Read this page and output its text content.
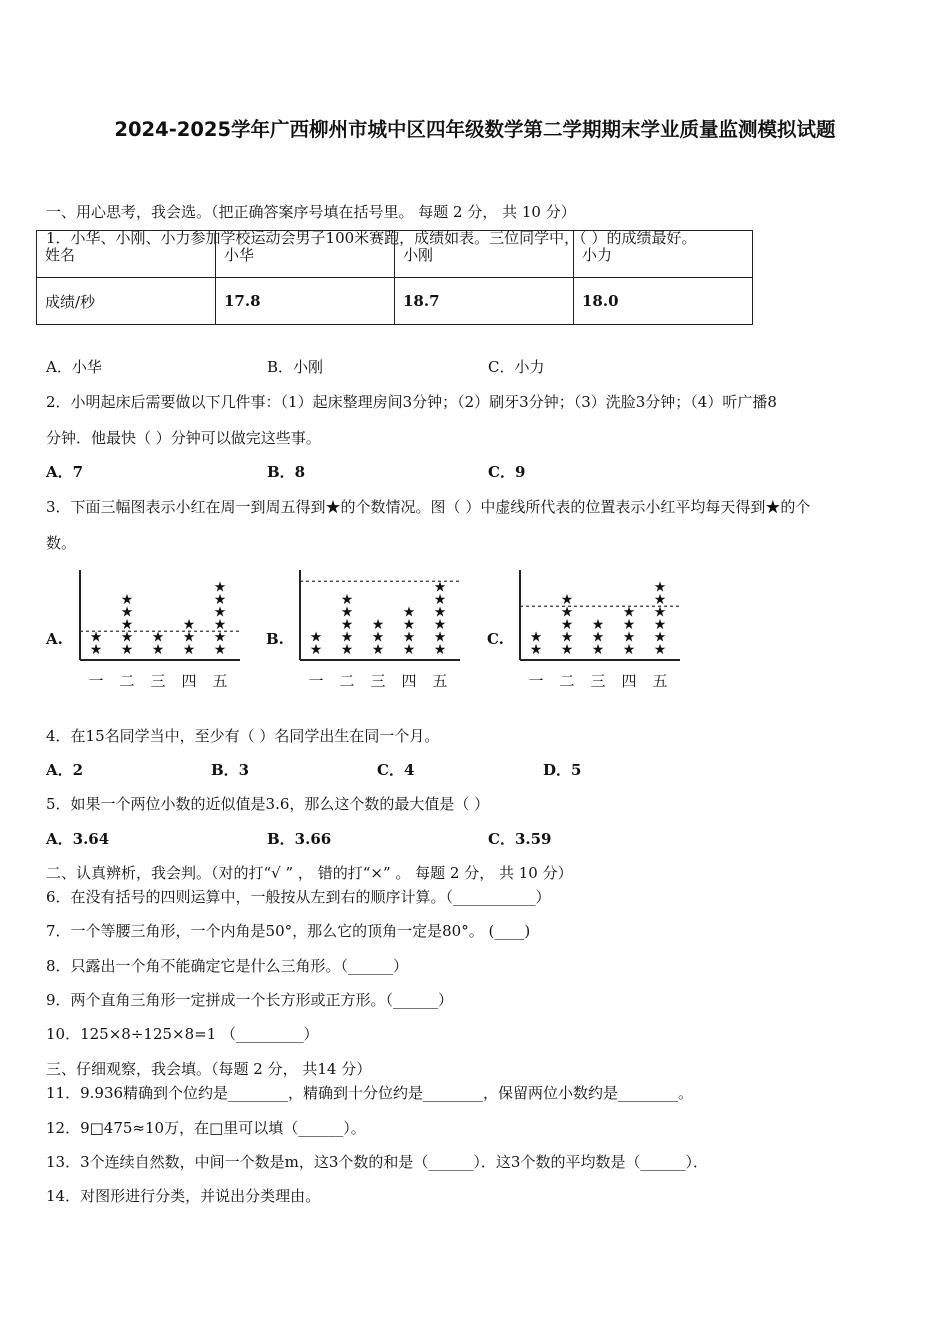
2024-2025学年广西柳州市城中区四年级数学第二学期期末学业质量监测模拟试题
一、用心思考，我会选。（把正确答案序号填在括号里。 每题 2 分， 共 10 分）
1．小华、小刚、小力参加学校运动会男子100米赛跑，成绩如表。三位同学中，（ ）的成绩最好。
姓名	小华	小刚	小力
成绩/秒	17.8	18.7	18.0
A．小华	B．小刚	C．小力
2．小明起床后需要做以下几件事：（1）起床整理房间3分钟；（2）刷牙3分钟；（3）洗脸3分钟；（4）听广播8
分钟．他最快（ ）分钟可以做完这些事。
A．7	B．8	C．9
3．下面三幅图表示小红在周一到周五得到★的个数情况。图（ ）中虚线所代表的位置表示小红平均每天得到★的个
数。
A.	B.	C.
★
★
一
★
★
★
★
★
二
★
★
三
★
★
★
四
★
★
★
★
★
★
五
★
★
一
★
★
★
★
★
二
★
★
★
三
★
★
★
★
四
★
★
★
★
★
★
五
★
★
一
★
★
★
★
★
二
★
★
★
三
★
★
★
★
四
★
★
★
★
★
★
五
4．在15名同学当中，至少有（ ）名同学出生在同一个月。
A．2	B．3	C．4	D．5
5．如果一个两位小数的近似值是3.6，那么这个数的最大值是（ ）
A．3.64	B．3.66	C．3.59
二、认真辨析，我会判。（对的打“√ ” ， 错的打“×” 。 每题 2 分， 共 10 分）
6．在没有括号的四则运算中，一般按从左到右的顺序计算。（___________）
7．一个等腰三角形，一个内角是50°，那么它的顶角一定是80°。 (____)
8．只露出一个角不能确定它是什么三角形。（______）
9．两个直角三角形一定拼成一个长方形或正方形。（______）
10．125×8÷125×8=1 （_________）
三、仔细观察，我会填。（每题 2 分， 共14 分）
11．9.936精确到个位约是________，精确到十分位约是________，保留两位小数约是________。
12．9□475≈10万，在□里可以填（______）。
13．3个连续自然数，中间一个数是m，这3个数的和是（______）．这3个数的平均数是（______）．
14．对图形进行分类，并说出分类理由。
